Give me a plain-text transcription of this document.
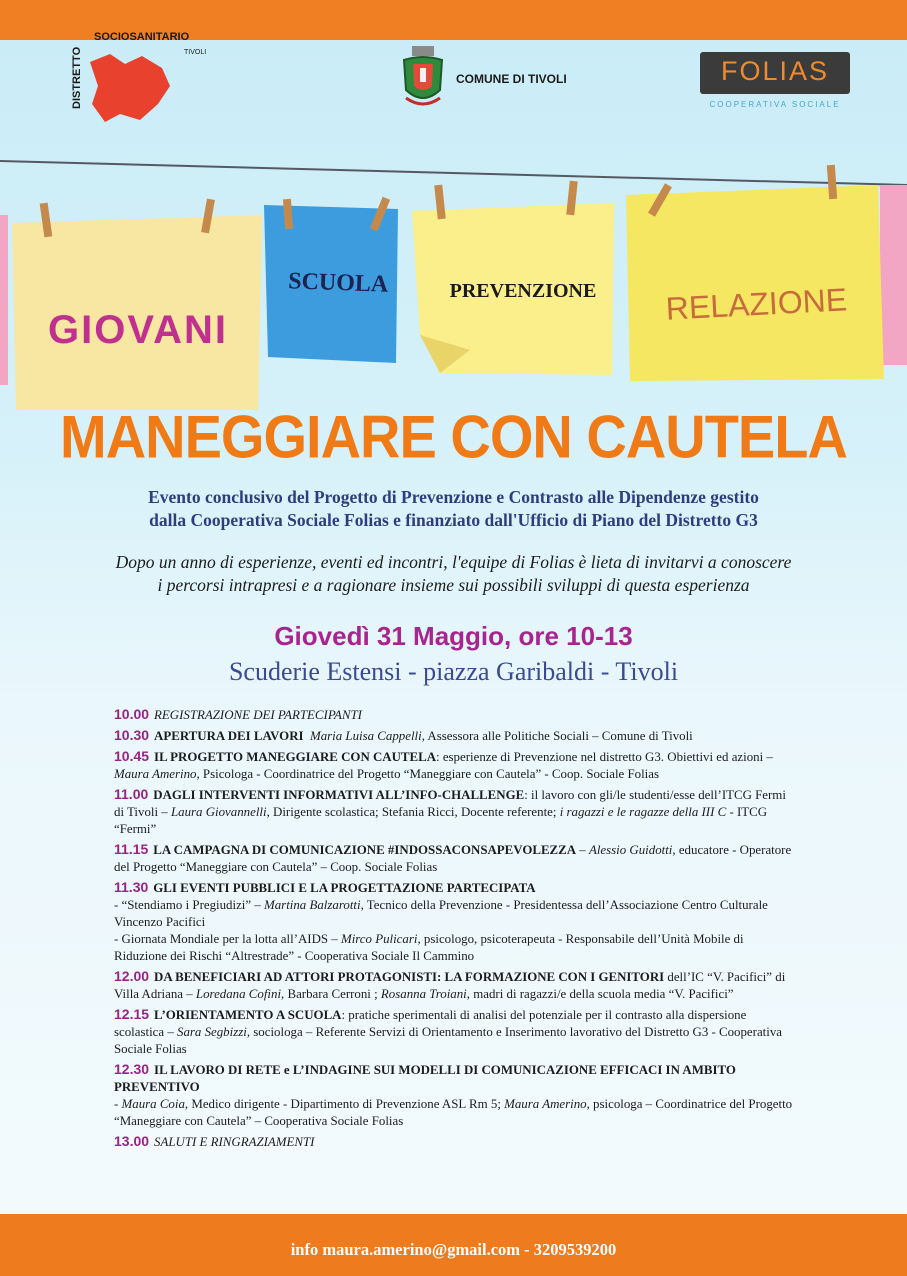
DISTRETTO
SOCIOSANITARIO
TIVOLI
COMUNE DI TIVOLI	FOLIAS
COOPERATIVA SOCIALE
GIOVANI
SCUOLA	PREVENZIONE RELAZIONE
MANEGGIARE CON CAUTELA
Evento conclusivo del Progetto di Prevenzione e Contrasto alle Dipendenze gestito
dalla Cooperativa Sociale Folias e finanziato dall'Ufficio di Piano del Distretto G3
Dopo un anno di esperienze, eventi ed incontri, l'equipe di Folias è lieta di invitarvi a conoscere
i percorsi intrapresi e a ragionare insieme sui possibili sviluppi di questa esperienza
Giovedì 31 Maggio, ore 10-13
Scuderie Estensi - piazza Garibaldi - Tivoli
10.00 REGISTRAZIONE DEI PARTECIPANTI
10.30 APERTURA DEI LAVORI Maria Luisa Cappelli, Assessora alle Politiche Sociali – Comune di Tivoli
10.45 IL PROGETTO MANEGGIARE CON CAUTELA: esperienze di Prevenzione nel distretto G3. Obiettivi ed azioni – Maura Amerino, Psicologa - Coordinatrice del Progetto “Maneggiare con Cautela” - Coop. Sociale Folias
11.00 DAGLI INTERVENTI INFORMATIVI ALL’INFO-CHALLENGE: il lavoro con gli/le studenti/esse dell’ITCG Fermi di Tivoli – Laura Giovannelli, Dirigente scolastica; Stefania Ricci, Docente referente; i ragazzi e le ragazze della III C - ITCG “Fermi”
11.15 LA CAMPAGNA DI COMUNICAZIONE #INDOSSACONSAPEVOLEZZA – Alessio Guidotti, educatore - Operatore del Progetto “Maneggiare con Cautela” – Coop. Sociale Folias
11.30 GLI EVENTI PUBBLICI E LA PROGETTAZIONE PARTECIPATA
- “Stendiamo i Pregiudizi” – Martina Balzarotti, Tecnico della Prevenzione - Presidentessa dell’Associazione Centro Culturale Vincenzo Pacifici
- Giornata Mondiale per la lotta all’AIDS – Mirco Pulicari, psicologo, psicoterapeuta - Responsabile dell’Unità Mobile di Riduzione dei Rischi “Altrestrade” - Cooperativa Sociale Il Cammino
12.00 DA BENEFICIARI AD ATTORI PROTAGONISTI: LA FORMAZIONE CON I GENITORI dell’IC “V. Pacifici” di Villa Adriana – Loredana Cofini, Barbara Cerroni ; Rosanna Troiani, madri di ragazzi/e della scuola media “V. Pacifici”
12.15 L’ORIENTAMENTO A SCUOLA: pratiche sperimentali di analisi del potenziale per il contrasto alla dispersione scolastica – Sara Segbizzi, sociologa – Referente Servizi di Orientamento e Inserimento lavorativo del Distretto G3 - Cooperativa Sociale Folias
12.30 IL LAVORO DI RETE e L’INDAGINE SUI MODELLI DI COMUNICAZIONE EFFICACI IN AMBITO PREVENTIVO
- Maura Coia, Medico dirigente - Dipartimento di Prevenzione ASL Rm 5; Maura Amerino, psicologa – Coordinatrice del Progetto “Maneggiare con Cautela” – Cooperativa Sociale Folias
13.00 SALUTI E RINGRAZIAMENTI
info maura.amerino@gmail.com - 3209539200
